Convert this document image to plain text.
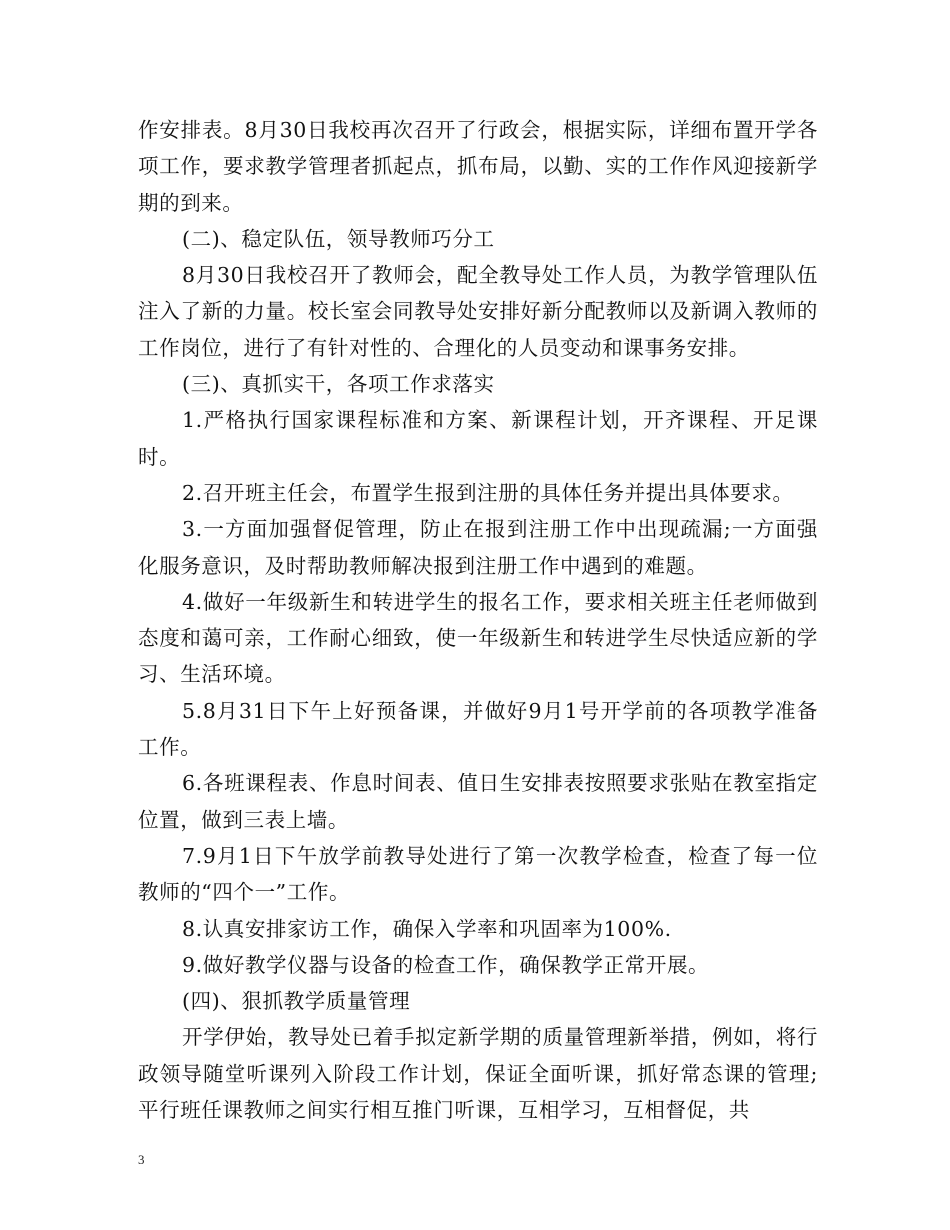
作安排表。8月30日我校再次召开了行政会，根据实际，详细布置开学各项工作，要求教学管理者抓起点，抓布局，以勤、实的工作作风迎接新学期的到来。

(二)、稳定队伍，领导教师巧分工

8月30日我校召开了教师会，配全教导处工作人员，为教学管理队伍注入了新的力量。校长室会同教导处安排好新分配教师以及新调入教师的工作岗位，进行了有针对性的、合理化的人员变动和课事务安排。

(三)、真抓实干，各项工作求落实

1.严格执行国家课程标准和方案、新课程计划，开齐课程、开足课时。

2.召开班主任会，布置学生报到注册的具体任务并提出具体要求。

3.一方面加强督促管理，防止在报到注册工作中出现疏漏;一方面强化服务意识，及时帮助教师解决报到注册工作中遇到的难题。

4.做好一年级新生和转进学生的报名工作，要求相关班主任老师做到态度和蔼可亲，工作耐心细致，使一年级新生和转进学生尽快适应新的学习、生活环境。

5.8月31日下午上好预备课，并做好9月1号开学前的各项教学准备工作。

6.各班课程表、作息时间表、值日生安排表按照要求张贴在教室指定位置，做到三表上墙。

7.9月1日下午放学前教导处进行了第一次教学检查，检查了每一位教师的“四个一”工作。

8.认真安排家访工作，确保入学率和巩固率为100%.

9.做好教学仪器与设备的检查工作，确保教学正常开展。

(四)、狠抓教学质量管理

开学伊始，教导处已着手拟定新学期的质量管理新举措，例如，将行政领导随堂听课列入阶段工作计划，保证全面听课，抓好常态课的管理;平行班任课教师之间实行相互推门听课，互相学习，互相督促，共

3
